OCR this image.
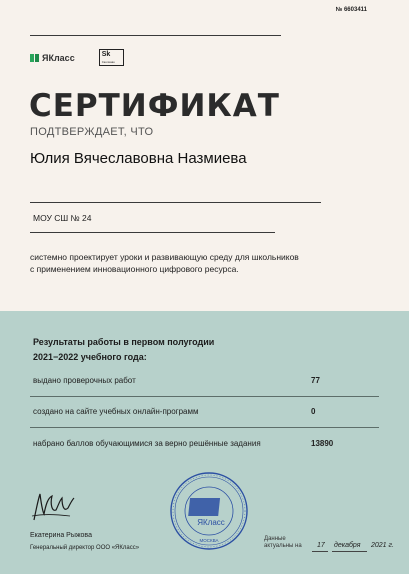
№ 6603411
ЯКласс	Sk
Сколково
СЕРТИФИКАТ
ПОДТВЕРЖДАЕТ, ЧТО
Юлия Вячеславовна Назмиева
МОУ СШ № 24
системно проектирует уроки и развивающую среду для школьников
с применением инновационного цифрового ресурса.
Результаты работы в первом полугодии
2021−2022 учебного года:
выдано проверочных работ	77
создано на сайте учебных онлайн-программ	0
набрано баллов обучающимися за верно решённые задания	13890
Екатерина Рыжова
Генеральный директор ООО «ЯКласс»
ЯКласс
МОСКВА	Данные
актуальны на 17 декабря 2021 г.
